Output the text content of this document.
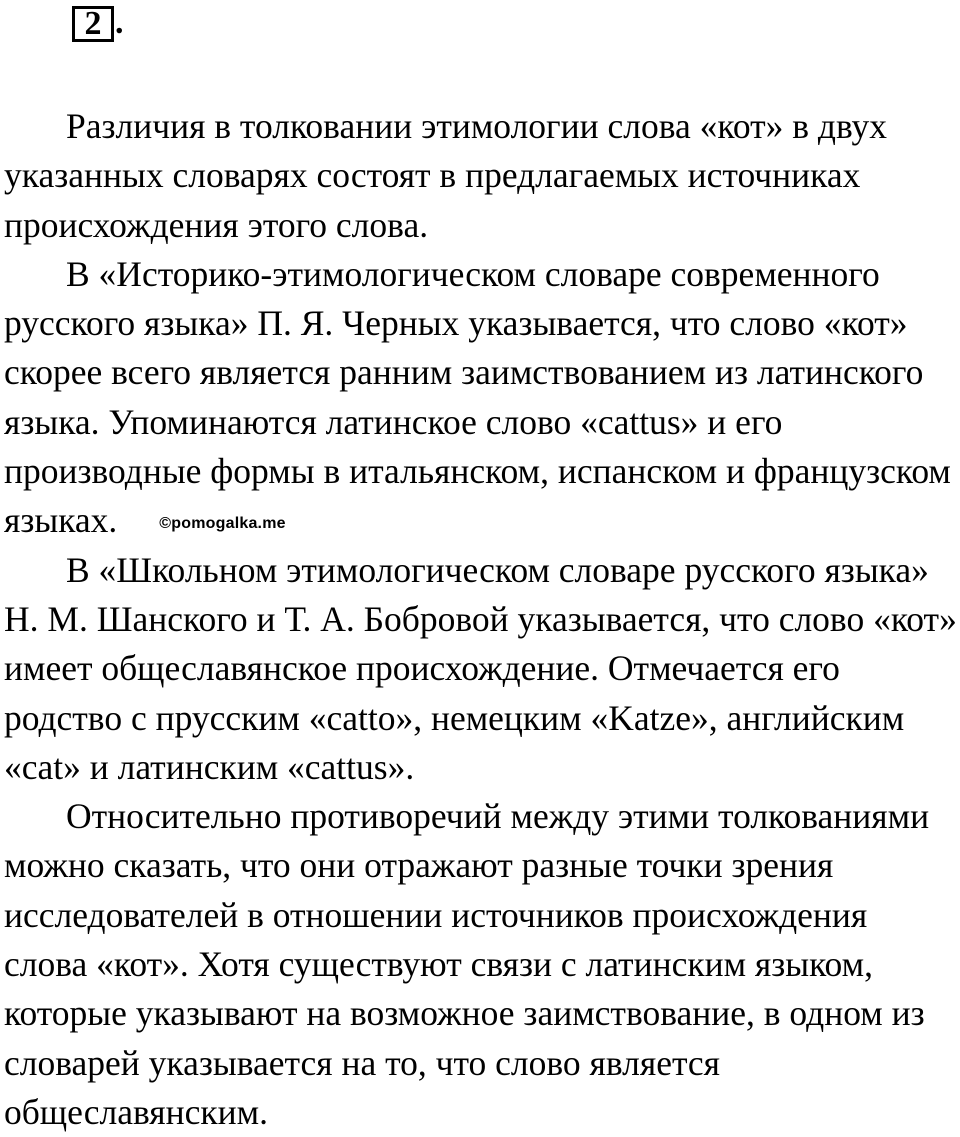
2 .

Различия в толковании этимологии слова «кот» в двух указанных словарях состоят в предлагаемых источниках происхождения этого слова.

В «Историко-этимологическом словаре современного русского языка» П. Я. Черных указывается, что слово «кот» скорее всего является ранним заимствованием из латинского языка. Упоминаются латинское слово «cattus» и его производные формы в итальянском, испанском и французском языках.	©pomogalka.me

В «Школьном этимологическом словаре русского языка» Н. М. Шанского и Т. А. Бобровой указывается, что слово «кот» имеет общеславянское происхождение. Отмечается его родство с прусским «catto», немецким «Katze», английским «cat» и латинским «cattus».

Относительно противоречий между этими толкованиями можно сказать, что они отражают разные точки зрения исследователей в отношении источников происхождения слова «кот». Хотя существуют связи с латинским языком, которые указывают на возможное заимствование, в одном из словарей указывается на то, что слово является общеславянским.
